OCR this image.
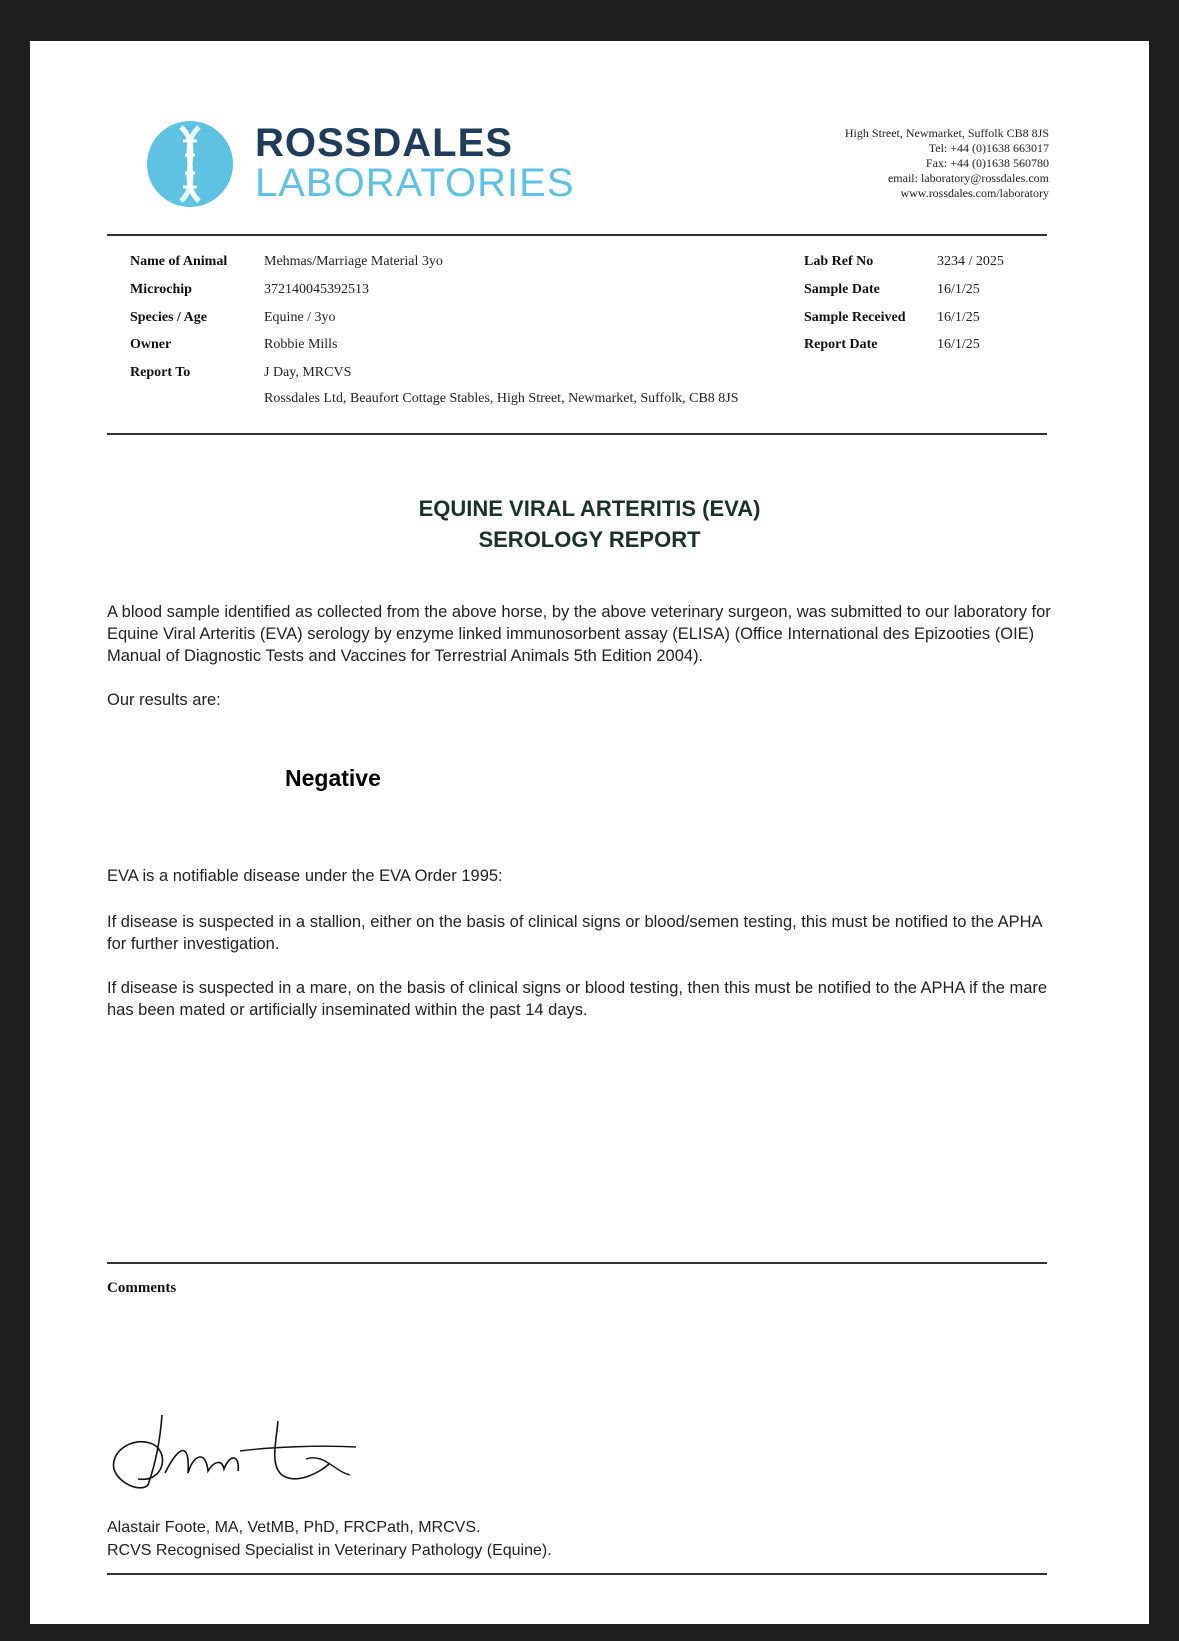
ROSSDALES
LABORATORIES
High Street, Newmarket, Suffolk CB8 8JS
Tel: +44 (0)1638 663017
Fax: +44 (0)1638 560780
email: laboratory@rossdales.com
www.rossdales.com/laboratory
Name of Animal	Mehmas/Marriage Material 3yo
Microchip	372140045392513
Species / Age	Equine / 3yo
Owner	Robbie Mills
Report To	J Day, MRCVS
Rossdales Ltd, Beaufort Cottage Stables, High Street, Newmarket, Suffolk, CB8 8JS
Lab Ref No	3234 / 2025
Sample Date	16/1/25
Sample Received 16/1/25
Report Date	16/1/25
EQUINE VIRAL ARTERITIS (EVA)
SEROLOGY REPORT
A blood sample identified as collected from the above horse, by the above veterinary surgeon, was submitted to our laboratory for Equine Viral Arteritis (EVA) serology by enzyme linked immunosorbent assay (ELISA) (Office International des Epizooties (OIE) Manual of Diagnostic Tests and Vaccines for Terrestrial Animals 5th Edition 2004).
Our results are:
Negative
EVA is a notifiable disease under the EVA Order 1995:
If disease is suspected in a stallion, either on the basis of clinical signs or blood/semen testing, this must be notified to the APHA for further investigation.
If disease is suspected in a mare, on the basis of clinical signs or blood testing, then this must be notified to the APHA if the mare has been mated or artificially inseminated within the past 14 days.
Comments
Alastair Foote, MA, VetMB, PhD, FRCPath, MRCVS.
RCVS Recognised Specialist in Veterinary Pathology (Equine).
